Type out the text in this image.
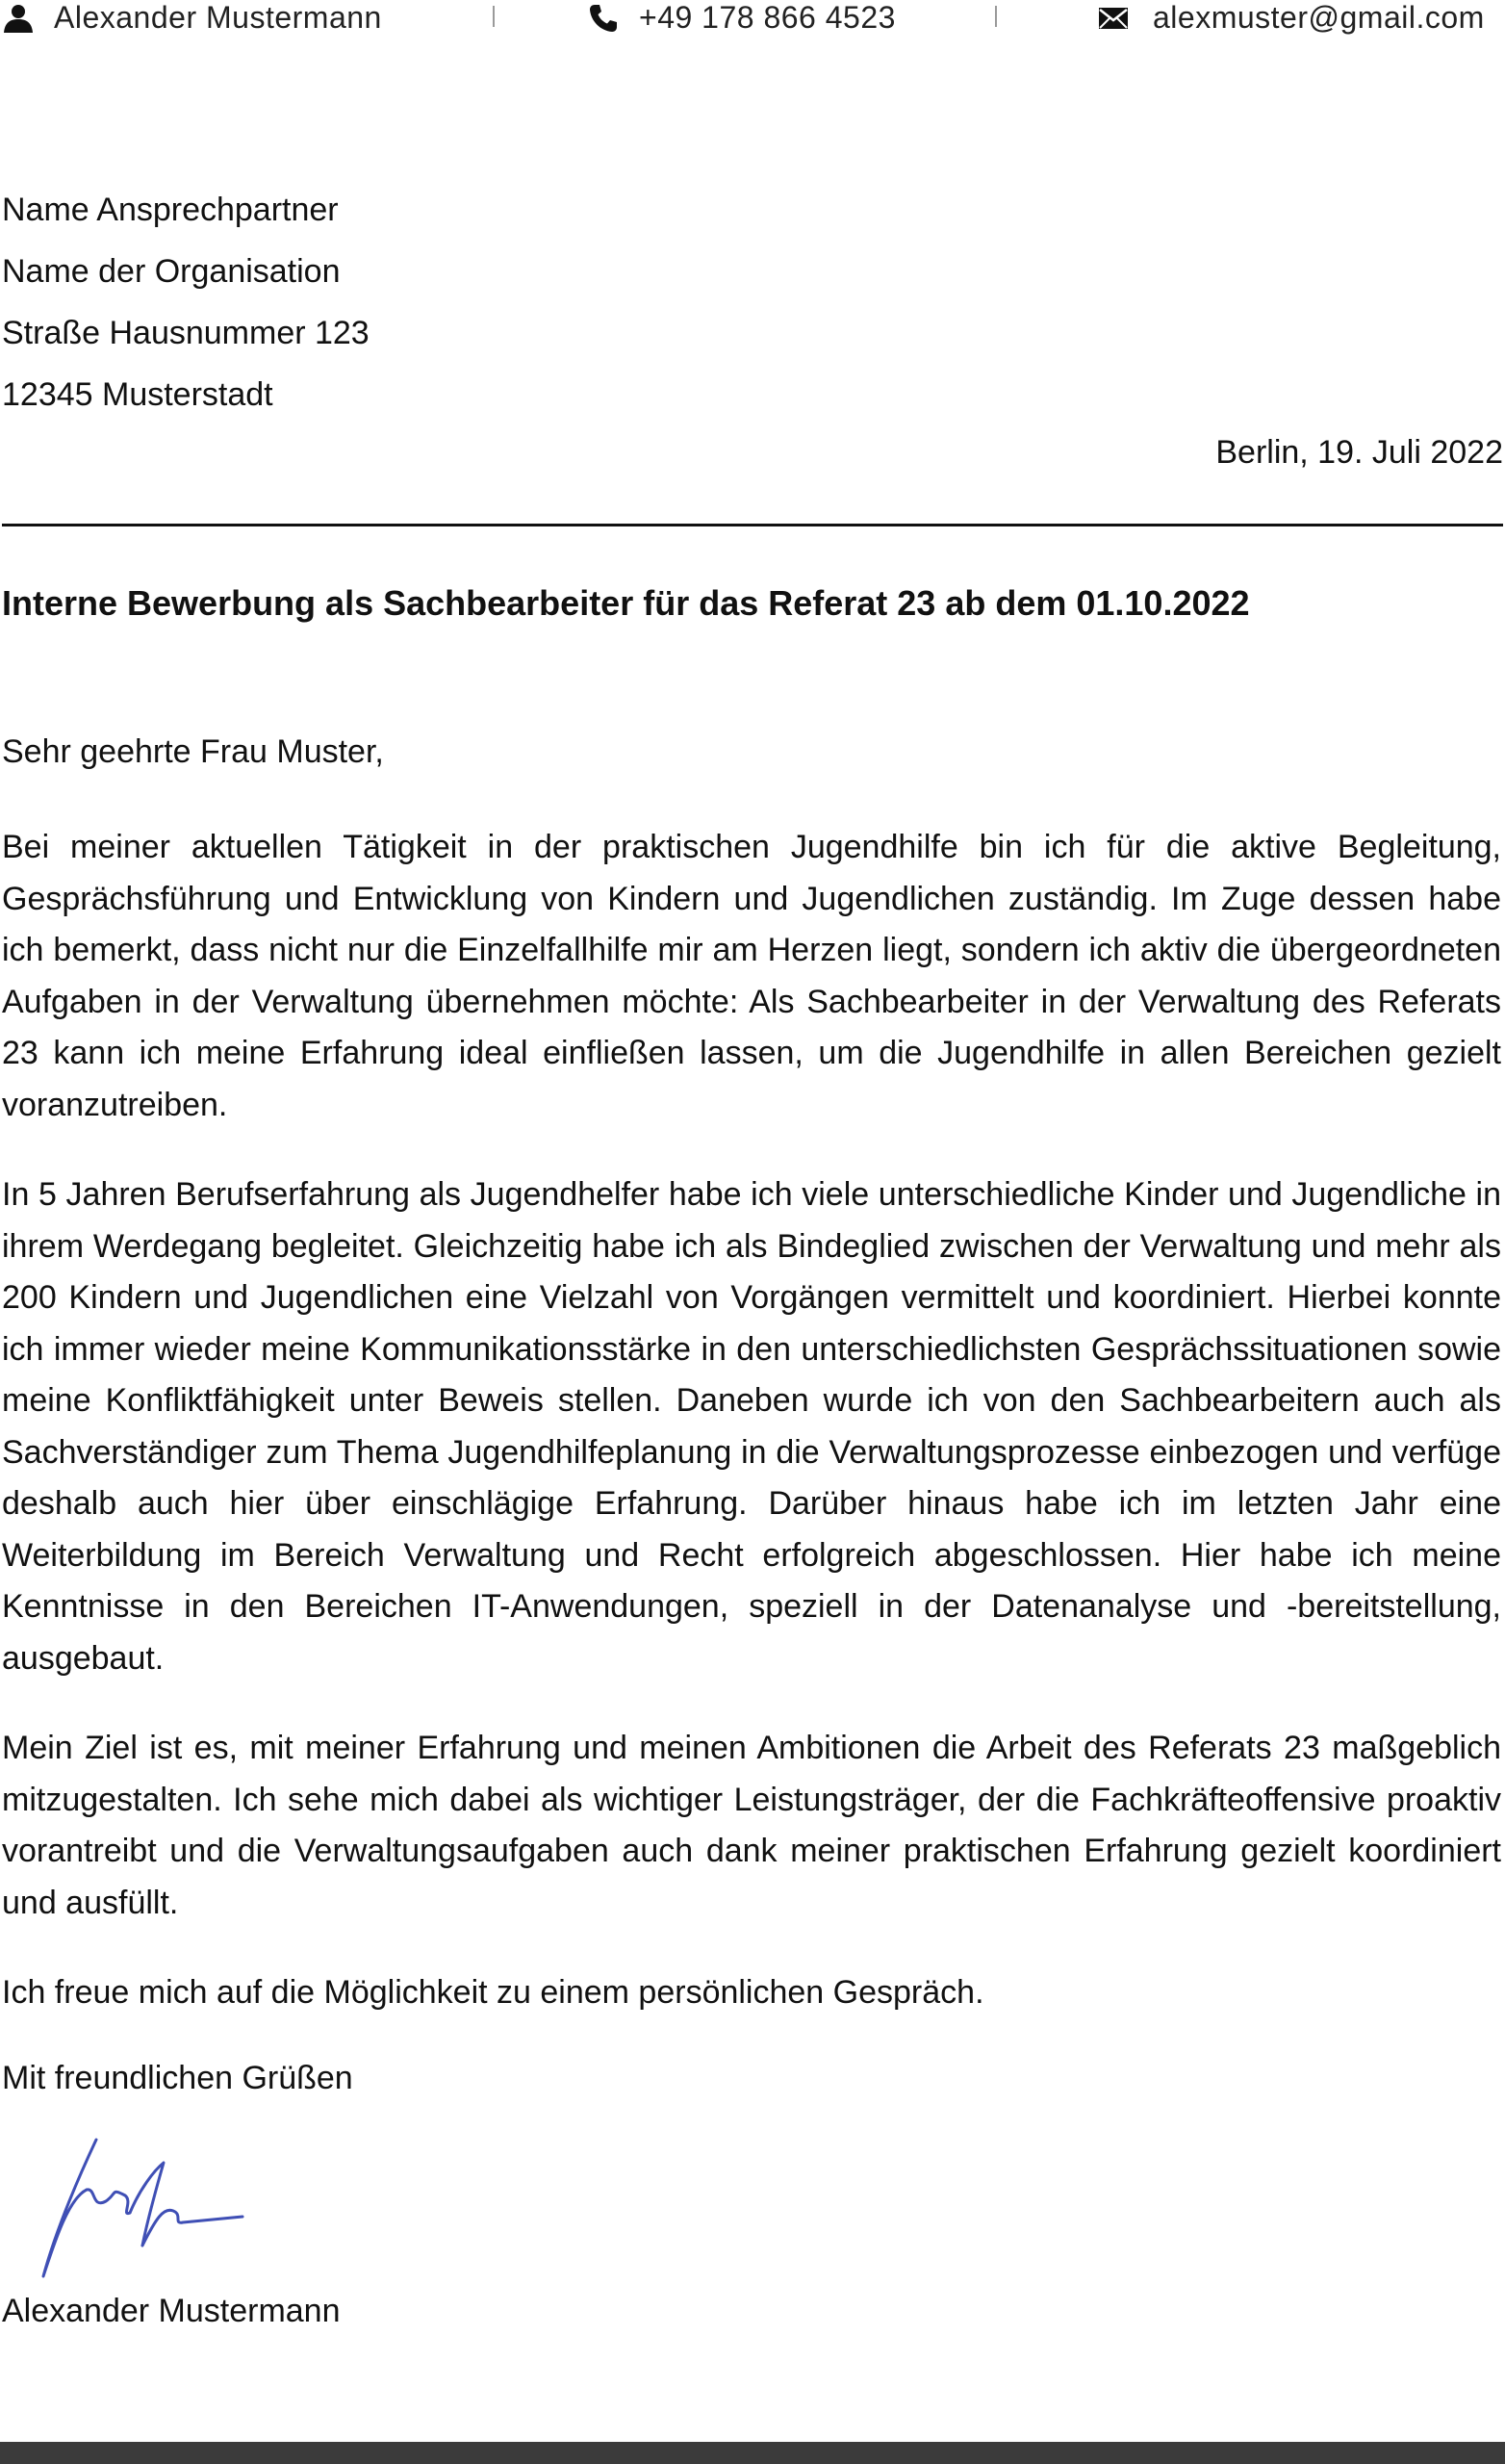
Alexander Mustermann	+49 178 866 4523	alexmuster@gmail.com
Name Ansprechpartner
Name der Organisation
Straße Hausnummer 123
12345 Musterstadt
Berlin, 19. Juli 2022
Interne Bewerbung als Sachbearbeiter für das Referat 23 ab dem 01.10.2022
Sehr geehrte Frau Muster,
Bei meiner aktuellen Tätigkeit in der praktischen Jugendhilfe bin ich für die aktive Begleitung, Gesprächsführung und Entwicklung von Kindern und Jugendlichen zuständig. Im Zuge dessen habe ich bemerkt, dass nicht nur die Einzelfallhilfe mir am Herzen liegt, sondern ich aktiv die übergeordneten Aufgaben in der Verwaltung übernehmen möchte: Als Sachbearbeiter in der Verwaltung des Referats 23 kann ich meine Erfahrung ideal einfließen lassen, um die Jugendhilfe in allen Bereichen gezielt voranzutreiben.
In 5 Jahren Berufserfahrung als Jugendhelfer habe ich viele unterschiedliche Kinder und Jugendliche in ihrem Werdegang begleitet. Gleichzeitig habe ich als Bindeglied zwischen der Verwaltung und mehr als 200 Kindern und Jugendlichen eine Vielzahl von Vorgängen vermittelt und koordiniert. Hierbei konnte ich immer wieder meine Kommunikationsstärke in den unterschiedlichsten Gesprächssituationen sowie meine Konfliktfähigkeit unter Beweis stellen. Daneben wurde ich von den Sachbearbeitern auch als Sachverständiger zum Thema Jugendhilfeplanung in die Verwaltungsprozesse einbezogen und verfüge deshalb auch hier über einschlägige Erfahrung. Darüber hinaus habe ich im letzten Jahr eine Weiterbildung im Bereich Verwaltung und Recht erfolgreich abgeschlossen. Hier habe ich meine Kenntnisse in den Bereichen IT-Anwendungen, speziell in der Datenanalyse und -bereitstellung, ausgebaut.
Mein Ziel ist es, mit meiner Erfahrung und meinen Ambitionen die Arbeit des Referats 23 maßgeblich mitzugestalten. Ich sehe mich dabei als wichtiger Leistungsträger, der die Fachkräfteoffensive proaktiv vorantreibt und die Verwaltungsaufgaben auch dank meiner praktischen Erfahrung gezielt koordiniert und ausfüllt.
Ich freue mich auf die Möglichkeit zu einem persönlichen Gespräch.
Mit freundlichen Grüßen
Alexander Mustermann
